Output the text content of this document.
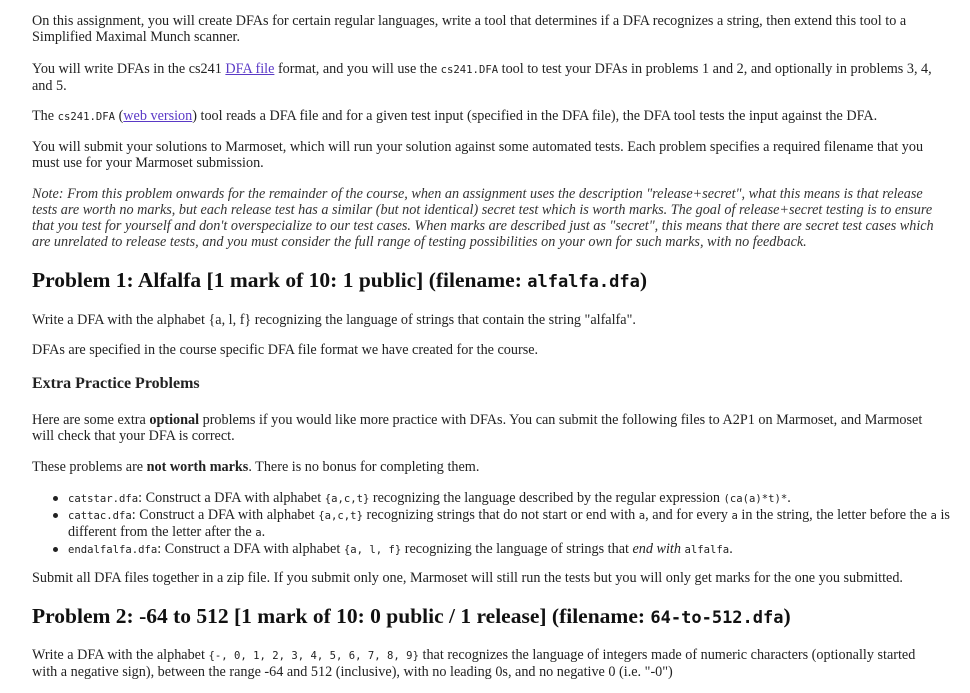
On this assignment, you will create DFAs for certain regular languages, write a tool that determines if a DFA recognizes a string, then extend this tool to a Simplified Maximal Munch scanner.

You will write DFAs in the cs241 DFA file format, and you will use the cs241.DFA tool to test your DFAs in problems 1 and 2, and optionally in problems 3, 4, and 5.

The cs241.DFA (web version) tool reads a DFA file and for a given test input (specified in the DFA file), the DFA tool tests the input against the DFA.

You will submit your solutions to Marmoset, which will run your solution against some automated tests. Each problem specifies a required filename that you must use for your Marmoset submission.

Note: From this problem onwards for the remainder of the course, when an assignment uses the description "release+secret", what this means is that release tests are worth no marks, but each release test has a similar (but not identical) secret test which is worth marks. The goal of release+secret testing is to ensure that you test for yourself and don't overspecialize to our test cases. When marks are described just as "secret", this means that there are secret test cases which are unrelated to release tests, and you must consider the full range of testing possibilities on your own for such marks, with no feedback.

Problem 1: Alfalfa [1 mark of 10: 1 public] (filename: alfalfa.dfa)

Write a DFA with the alphabet {a, l, f} recognizing the language of strings that contain the string "alfalfa".

DFAs are specified in the course specific DFA file format we have created for the course.

Extra Practice Problems

Here are some extra optional problems if you would like more practice with DFAs. You can submit the following files to A2P1 on Marmoset, and Marmoset will check that your DFA is correct.

These problems are not worth marks. There is no bonus for completing them.

catstar.dfa: Construct a DFA with alphabet {a,c,t} recognizing the language described by the regular expression (ca(a)*t)*.
cattac.dfa: Construct a DFA with alphabet {a,c,t} recognizing strings that do not start or end with a, and for every a in the string, the letter before the a is different from the letter after the a.
endalfalfa.dfa: Construct a DFA with alphabet {a, l, f} recognizing the language of strings that end with alfalfa.

Submit all DFA files together in a zip file. If you submit only one, Marmoset will still run the tests but you will only get marks for the one you submitted.

Problem 2: -64 to 512 [1 mark of 10: 0 public / 1 release] (filename: 64-to-512.dfa)

Write a DFA with the alphabet {-, 0, 1, 2, 3, 4, 5, 6, 7, 8, 9} that recognizes the language of integers made of numeric characters (optionally started with a negative sign), between the range -64 and 512 (inclusive), with no leading 0s, and no negative 0 (i.e. "-0")
